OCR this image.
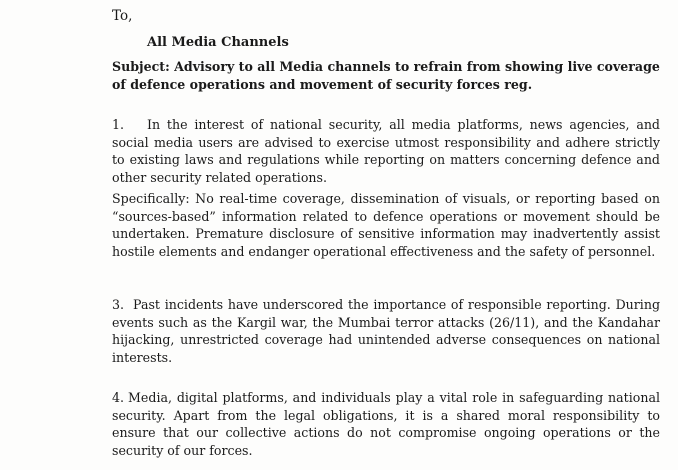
To,
All Media Channels
Subject: Advisory to all Media channels to refrain from showing live coverage of defence operations and movement of security forces reg.
1. In the interest of national security, all media platforms, news agencies, and social media users are advised to exercise utmost responsibility and adhere strictly to existing laws and regulations while reporting on matters concerning defence and other security related operations.
Specifically: No real-time coverage, dissemination of visuals, or reporting based on “sources-based” information related to defence operations or movement should be undertaken. Premature disclosure of sensitive information may inadvertently assist hostile elements and endanger operational effectiveness and the safety of personnel.
3. Past incidents have underscored the importance of responsible reporting. During events such as the Kargil war, the Mumbai terror attacks (26/11), and the Kandahar hijacking, unrestricted coverage had unintended adverse consequences on national interests.
4. Media, digital platforms, and individuals play a vital role in safeguarding national security. Apart from the legal obligations, it is a shared moral responsibility to ensure that our collective actions do not compromise ongoing operations or the security of our forces.
